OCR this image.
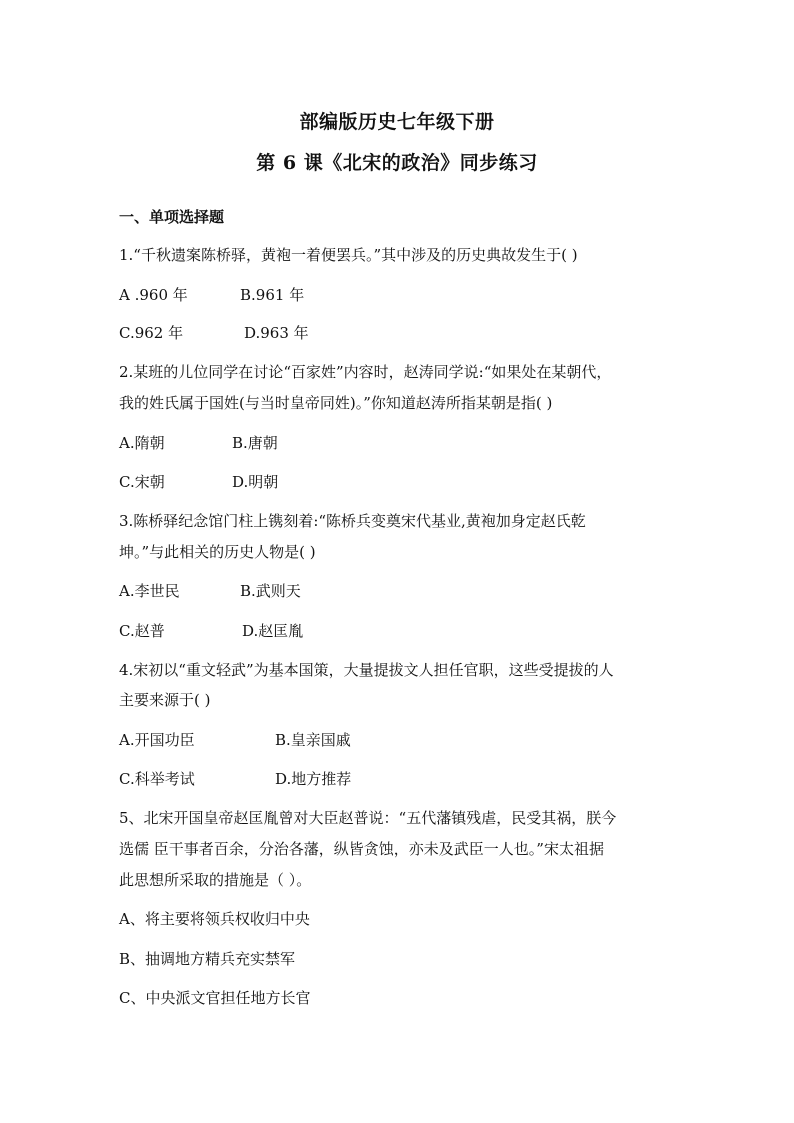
部编版历史七年级下册
第 6 课《北宋的政治》同步练习
一、单项选择题
1.“千秋遗案陈桥驿，黄袍一着便罢兵。”其中涉及的历史典故发生于( )
A .960 年	B.961 年
C.962 年	D.963 年
2.某班的儿位同学在讨论“百家姓”内容时，赵涛同学说:“如果处在某朝代，
我的姓氏属于国姓(与当时皇帝同姓)。”你知道赵涛所指某朝是指( )
A.隋朝	B.唐朝
C.宋朝	D.明朝
3.陈桥驿纪念馆门柱上镌刻着:“陈桥兵变奠宋代基业,黄袍加身定赵氏乾
坤。”与此相关的历史人物是( )
A.李世民	B.武则天
C.赵普	D.赵匡胤
4.宋初以“重文轻武”为基本国策，大量提拔文人担任官职，这些受提拔的人
主要来源于( )
A.开国功臣	B.皇亲国戚
C.科举考试	D.地方推荐
5、北宋开国皇帝赵匡胤曾对大臣赵普说：“五代藩镇残虐，民受其祸，朕今
选儒 臣干事者百余，分治各藩，纵皆贪蚀，亦未及武臣一人也。”宋太祖据
此思想所采取的措施是（ ）。
A、将主要将领兵权收归中央
B、抽调地方精兵充实禁军
C、中央派文官担任地方长官
